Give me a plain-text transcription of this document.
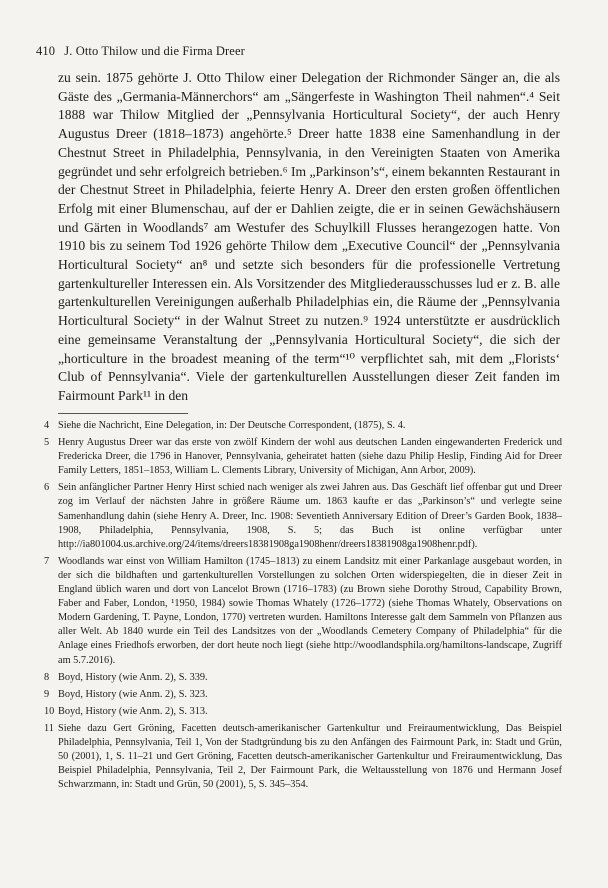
410 J. Otto Thilow und die Firma Dreer

zu sein. 1875 gehörte J. Otto Thilow einer Delegation der Richmonder Sänger an, die als Gäste des „Germania-Männerchors“ am „Sängerfeste in Washington Theil nahmen“.⁴ Seit 1888 war Thilow Mitglied der „Pennsylvania Horticultural Society“, der auch Henry Augustus Dreer (1818–1873) angehörte.⁵ Dreer hatte 1838 eine Samenhandlung in der Chestnut Street in Philadelphia, Pennsylvania, in den Vereinigten Staaten von Amerika gegründet und sehr erfolgreich betrieben.⁶ Im „Parkinson’s“, einem bekannten Restaurant in der Chestnut Street in Philadelphia, feierte Henry A. Dreer den ersten großen öffentlichen Erfolg mit einer Blumenschau, auf der er Dahlien zeigte, die er in seinen Gewächshäusern und Gärten in Woodlands⁷ am Westufer des Schuylkill Flusses herangezogen hatte. Von 1910 bis zu seinem Tod 1926 gehörte Thilow dem „Executive Council“ der „Pennsylvania Horticultural Society“ an⁸ und setzte sich besonders für die professionelle Vertretung gartenkultureller Interessen ein. Als Vorsitzender des Mitgliederausschusses lud er z. B. alle gartenkulturellen Vereinigungen außerhalb Philadelphias ein, die Räume der „Pennsylvania Horticultural Society“ in der Walnut Street zu nutzen.⁹ 1924 unterstützte er ausdrücklich eine gemeinsame Veranstaltung der „Pennsylvania Horticultural Society“, die sich der „horticulture in the broadest meaning of the term“¹⁰ verpflichtet sah, mit dem „Florists‘ Club of Pennsylvania“. Viele der gartenkulturellen Ausstellungen dieser Zeit fanden im Fairmount Park¹¹ in den

4 Siehe die Nachricht, Eine Delegation, in: Der Deutsche Correspondent, (1875), S. 4.
5 Henry Augustus Dreer war das erste von zwölf Kindern der wohl aus deutschen Landen eingewanderten Frederick und Fredericka Dreer, die 1796 in Hanover, Pennsylvania, geheiratet hatten (siehe dazu Philip Heslip, Finding Aid for Dreer Family Letters, 1851–1853, William L. Clements Library, University of Michigan, Ann Arbor, 2009).
6 Sein anfänglicher Partner Henry Hirst schied nach weniger als zwei Jahren aus. Das Geschäft lief offenbar gut und Dreer zog im Verlauf der nächsten Jahre in größere Räume um. 1863 kaufte er das „Parkinson’s“ und verlegte seine Samenhandlung dahin (siehe Henry A. Dreer, Inc. 1908: Seventieth Anniversary Edition of Dreer’s Garden Book, 1838–1908, Philadelphia, Pennsylvania, 1908, S. 5; das Buch ist online verfügbar unter http://ia801004.us.archive.org/24/items/dreers18381908ga1908henr/dreers18381908ga1908henr.pdf).
7 Woodlands war einst von William Hamilton (1745–1813) zu einem Landsitz mit einer Parkanlage ausgebaut worden, in der sich die bildhaften und gartenkulturellen Vorstellungen zu solchen Orten widerspiegelten, die in dieser Zeit in England üblich waren und dort von Lancelot Brown (1716–1783) (zu Brown siehe Dorothy Stroud, Capability Brown, Faber and Faber, London, ¹1950, 1984) sowie Thomas Whately (1726–1772) (siehe Thomas Whately, Observations on Modern Gardening, T. Payne, London, 1770) vertreten wurden. Hamiltons Interesse galt dem Sammeln von Pflanzen aus aller Welt. Ab 1840 wurde ein Teil des Landsitzes von der „Woodlands Cemetery Company of Philadelphia“ für die Anlage eines Friedhofs erworben, der dort heute noch liegt (siehe http://woodlandsphila.org/hamiltons-landscape, Zugriff am 5.7.2016).
8 Boyd, History (wie Anm. 2), S. 339.
9 Boyd, History (wie Anm. 2), S. 323.
10 Boyd, History (wie Anm. 2), S. 313.
11 Siehe dazu Gert Gröning, Facetten deutsch-amerikanischer Gartenkultur und Freiraumentwicklung, Das Beispiel Philadelphia, Pennsylvania, Teil 1, Von der Stadtgründung bis zu den Anfängen des Fairmount Park, in: Stadt und Grün, 50 (2001), 1, S. 11–21 und Gert Gröning, Facetten deutsch-amerikanischer Gartenkultur und Freiraumentwicklung, Das Beispiel Philadelphia, Pennsylvania, Teil 2, Der Fairmount Park, die Weltausstellung von 1876 und Hermann Josef Schwarzmann, in: Stadt und Grün, 50 (2001), 5, S. 345–354.
